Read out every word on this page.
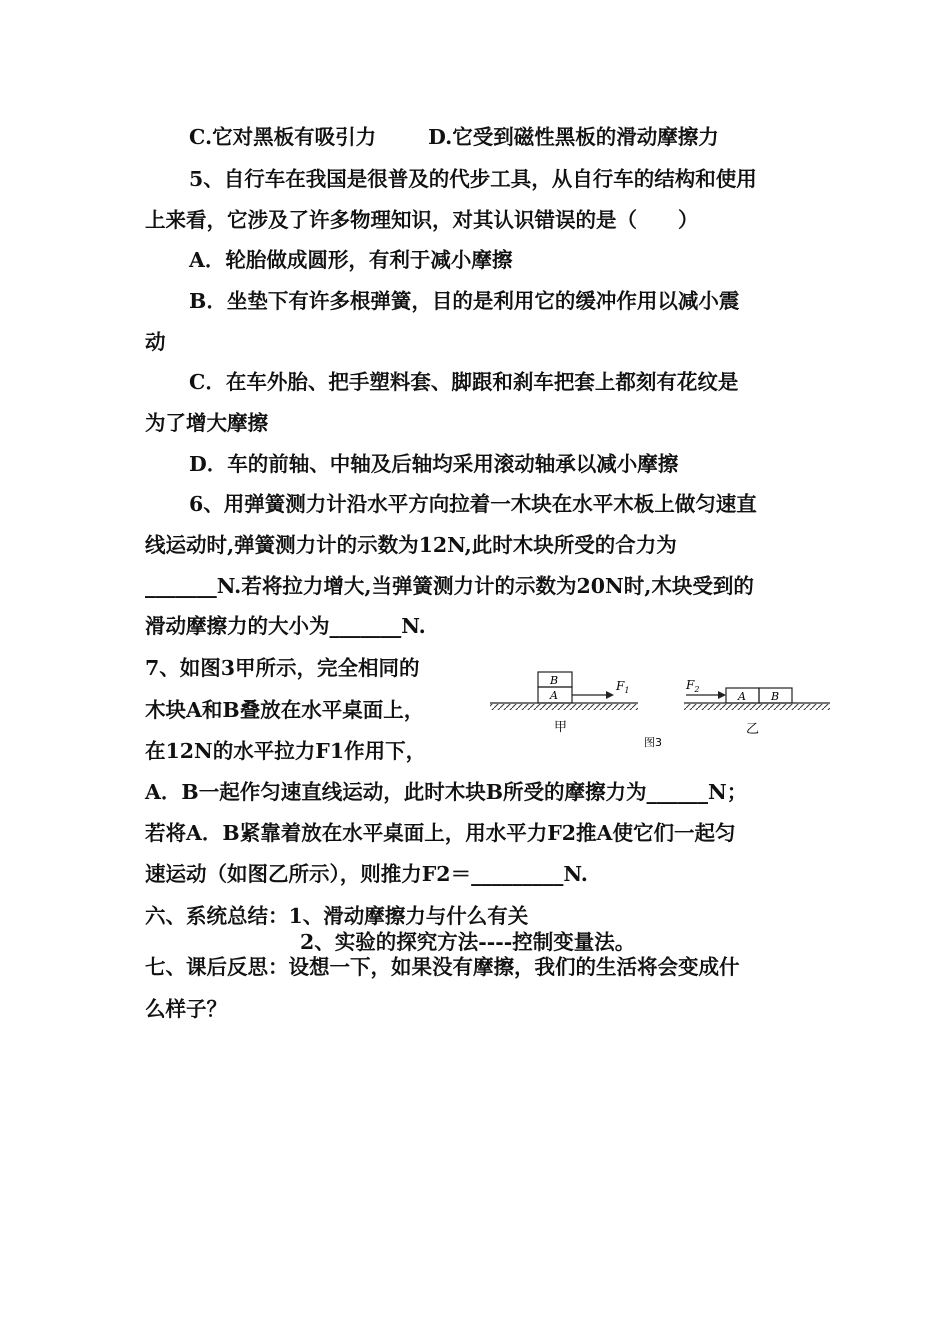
C.它对黑板有吸引力	D.它受到磁性黑板的滑动摩擦力
5、自行车在我国是很普及的代步工具，从自行车的结构和使用
上来看，它涉及了许多物理知识，对其认识错误的是（　　）
A．轮胎做成圆形，有利于减小摩擦
B．坐垫下有许多根弹簧，目的是利用它的缓冲作用以减小震
动
C．在车外胎、把手塑料套、脚跟和刹车把套上都刻有花纹是
为了增大摩擦
D．车的前轴、中轴及后轴均采用滚动轴承以减小摩擦
6、用弹簧测力计沿水平方向拉着一木块在水平木板上做匀速直
线运动时,弹簧测力计的示数为12N,此时木块所受的合力为
_______N.若将拉力增大,当弹簧测力计的示数为20N时,木块受到的
滑动摩擦力的大小为_______N.
7、如图3甲所示，完全相同的
木块A和B叠放在水平桌面上，
在12N的水平拉力F1作用下，
A．B一起作匀速直线运动，此时木块B所受的摩擦力为______N；
若将A．B紧靠着放在水平桌面上，用水平力F2推A使它们一起匀
速运动（如图乙所示），则推力F2＝_________N.
六、系统总结：1、滑动摩擦力与什么有关
2、实验的探究方法----控制变量法。
七、课后反思：设想一下，如果没有摩擦，我们的生活将会变成什
么样子？
B
A
$F_1$
甲
图3
A B
$F_2$
乙
